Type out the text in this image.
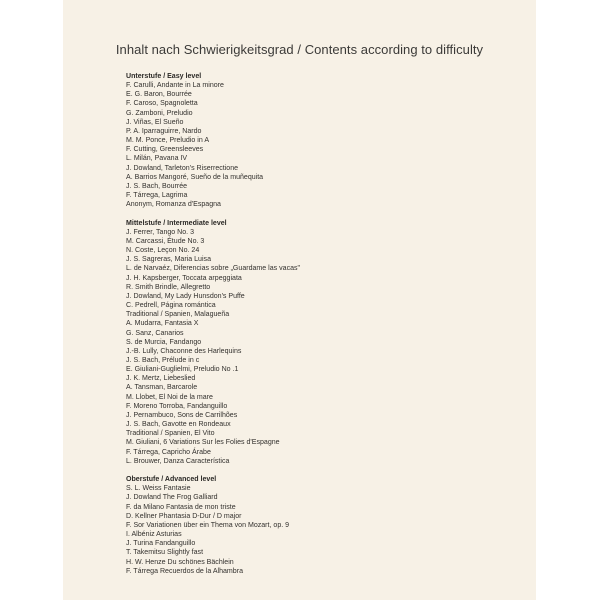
Inhalt nach Schwierigkeitsgrad / Contents according to difficulty
Unterstufe / Easy level
F. Carulli, Andante in La minore
E. G. Baron, Bourrée
F. Caroso, Spagnoletta
G. Zamboni, Preludio
J. Viñas, El Sueño
P. A. Iparraguirre, Nardo
M. M. Ponce, Preludio in A
F. Cutting, Greensleeves
L. Milán, Pavana IV
J. Dowland, Tarleton's Riserrectione
A. Barrios Mangoré, Sueño de la muñequita
J. S. Bach, Bourrée
F. Tárrega, Lagrima
Anonym, Romanza d'Espagna
Mittelstufe / Intermediate level
J. Ferrer, Tango No. 3
M. Carcassi, Étude No. 3
N. Coste, Leçon No. 24
J. S. Sagreras, Maria Luisa
L. de Narvaéz, Diferencias sobre „Guardame las vacas"
J. H. Kapsberger, Toccata arpeggiata
R. Smith Brindle, Allegretto
J. Dowland, My Lady Hunsdon's Puffe
C. Pedrell, Página romántica
Traditional / Spanien, Malagueña
A. Mudarra, Fantasia X
G. Sanz, Canarios
S. de Murcia, Fandango
J.-B. Lully, Chaconne des Harlequins
J. S. Bach, Prélude in c
E. Giuliani-Guglielmi, Preludio No .1
J. K. Mertz, Liebeslied
A. Tansman, Barcarole
M. Llobet, El Noi de la mare
F. Moreno Torroba, Fandanguillo
J. Pernambuco, Sons de Carrilhões
J. S. Bach, Gavotte en Rondeaux
Traditional / Spanien, El Vito
M. Giuliani, 6 Variations Sur les Folies d'Espagne
F. Tárrega, Capricho Árabe
L. Brouwer, Danza Característica
Oberstufe / Advanced level
S. L. Weiss Fantasie
J. Dowland The Frog Galliard
F. da Milano Fantasia de mon triste
D. Kellner Phantasia D-Dur / D major
F. Sor Variationen über ein Thema von Mozart, op. 9
I. Albéniz Asturias
J. Turina Fandanguillo
T. Takemitsu Slightly fast
H. W. Henze Du schönes Bächlein
F. Tárrega Recuerdos de la Alhambra
